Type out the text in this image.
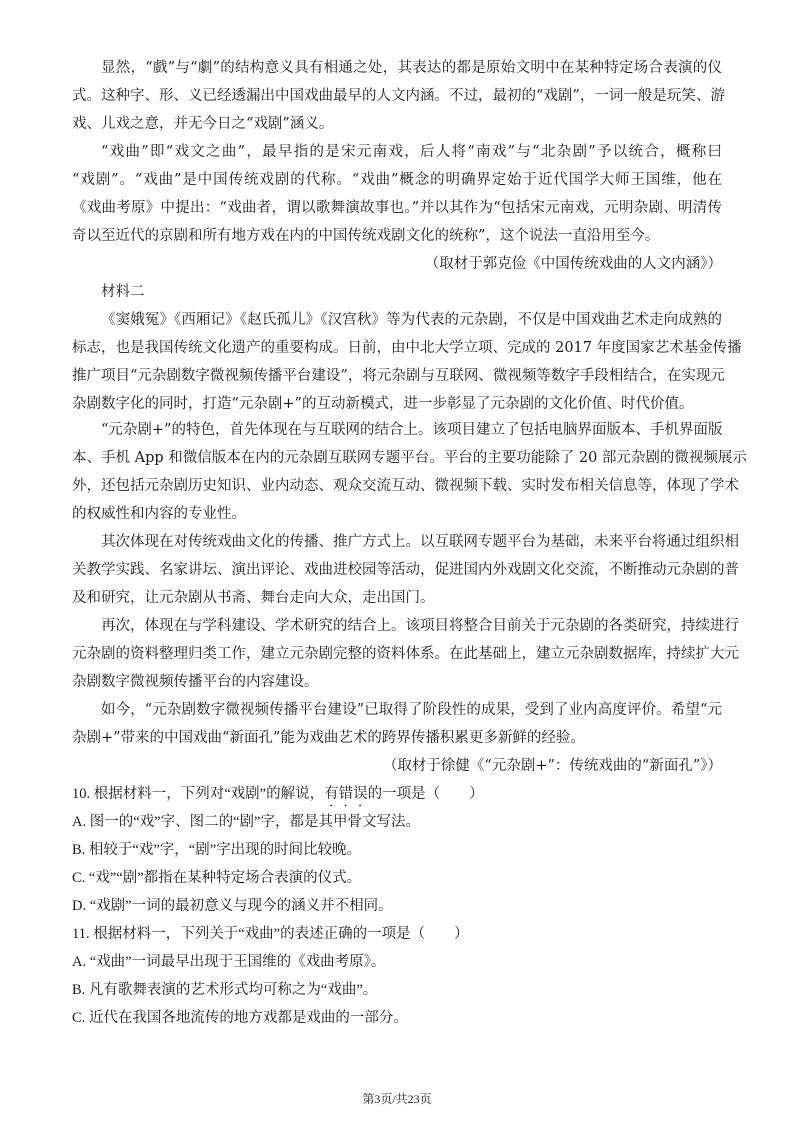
显然，“戲”与“劇”的结构意义具有相通之处，其表达的都是原始文明中在某种特定场合表演的仪
式。这种字、形、义已经透漏出中国戏曲最早的人文内涵。不过，最初的“戏剧”，一词一般是玩笑、游
戏、儿戏之意，并无今日之“戏剧”涵义。
“戏曲”即“戏文之曲”，最早指的是宋元南戏，后人将“南戏”与“北杂剧”予以统合，概称曰
“戏剧”。“戏曲”是中国传统戏剧的代称。“戏曲”概念的明确界定始于近代国学大师王国维，他在
《戏曲考原》中提出：“戏曲者，谓以歌舞演故事也。”并以其作为“包括宋元南戏，元明杂剧、明清传
奇以至近代的京剧和所有地方戏在内的中国传统戏剧文化的统称”，这个说法一直沿用至今。
（取材于郭克俭《中国传统戏曲的人文内涵》）
材料二
《窦娥冤》《西厢记》《赵氏孤儿》《汉宫秋》等为代表的元杂剧，不仅是中国戏曲艺术走向成熟的
标志，也是我国传统文化遗产的重要构成。日前，由中北大学立项、完成的 2017 年度国家艺术基金传播
推广项目“元杂剧数字微视频传播平台建设”，将元杂剧与互联网、微视频等数字手段相结合，在实现元
杂剧数字化的同时，打造“元杂剧+”的互动新模式，进一步彰显了元杂剧的文化价值、时代价值。
“元杂剧+”的特色，首先体现在与互联网的结合上。该项目建立了包括电脑界面版本、手机界面版
本、手机 App 和微信版本在内的元杂剧互联网专题平台。平台的主要功能除了 20 部元杂剧的微视频展示
外，还包括元杂剧历史知识、业内动态、观众交流互动、微视频下载、实时发布相关信息等，体现了学术
的权威性和内容的专业性。
其次体现在对传统戏曲文化的传播、推广方式上。以互联网专题平台为基础，未来平台将通过组织相
关教学实践、名家讲坛、演出评论、戏曲进校园等活动，促进国内外戏剧文化交流，不断推动元杂剧的普
及和研究，让元杂剧从书斋、舞台走向大众，走出国门。
再次，体现在与学科建设、学术研究的结合上。该项目将整合目前关于元杂剧的各类研究，持续进行
元杂剧的资料整理归类工作，建立元杂剧完整的资料体系。在此基础上，建立元杂剧数据库，持续扩大元
杂剧数字微视频传播平台的内容建设。
如今，“元杂剧数字微视频传播平台建设”已取得了阶段性的成果，受到了业内高度评价。希望“元
杂剧+”带来的中国戏曲“新面孔”能为戏曲艺术的跨界传播积累更多新鲜的经验。
（取材于徐健《“元杂剧+”：传统戏曲的“新面孔”》）
10. 根据材料一，下列对“戏剧”的解说，有错误的一项是（　　）
A. 图一的“戏”字、图二的“剧”字，都是其甲骨文写法。
B. 相较于“戏”字，“剧”字出现的时间比较晚。
C. “戏”“剧”都指在某种特定场合表演的仪式。
D. “戏剧”一词的最初意义与现今的涵义并不相同。
11. 根据材料一，下列关于“戏曲”的表述正确的一项是（　　）
A. “戏曲”一词最早出现于王国维的《戏曲考原》。
B. 凡有歌舞表演的艺术形式均可称之为“戏曲”。
C. 近代在我国各地流传的地方戏都是戏曲的一部分。
第3页/共23页
